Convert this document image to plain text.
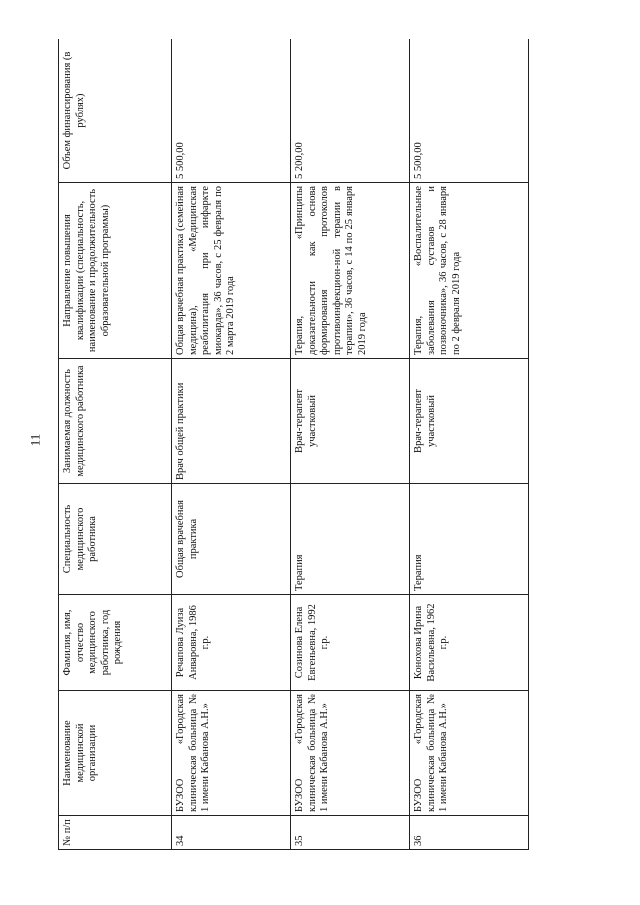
11
№ п/п	Наименование медицинской организации	Фамилия, имя, отчество медицинского работника, год рождения	Специальность медицинского работника	Занимаемая должность медицинского работника	Направление повышения квалификации (специальность, наименование и продолжительность образовательной программы)	Объем финансирования (в рублях)
34	БУЗОО «Городская клиническая больница № 1 имени Кабанова А.Н.»	Речапова Луиза Анваровна, 1986 г.р.	Общая врачебная практика	Врач общей практики	Общая врачебная практика (семейная медицина), «Медицинская реабилитация при инфаркте миокарда», 36 часов, с 25 февраля по 2 марта 2019 года	5 500,00
35	БУЗОО «Городская клиническая больница № 1 имени Кабанова А.Н.»	Созинова Елена Евгеньевна, 1992 г.р.	Терапия	Врач-терапевт участковый	Терапия, «Принципы доказательности как основа формирования протоколов противоинфекцион-ной терапии в терапии», 36 часов, с 14 по 25 января 2019 года	5 200,00
36	БУЗОО «Городская клиническая больница № 1 имени Кабанова А.Н.»	Конохова Ирина Васильевна, 1962 г.р.	Терапия	Врач-терапевт участковый	Терапия, «Воспалительные заболевания суставов и позвоночника», 36 часов, с 28 января по 2 февраля 2019 года	5 500,00
